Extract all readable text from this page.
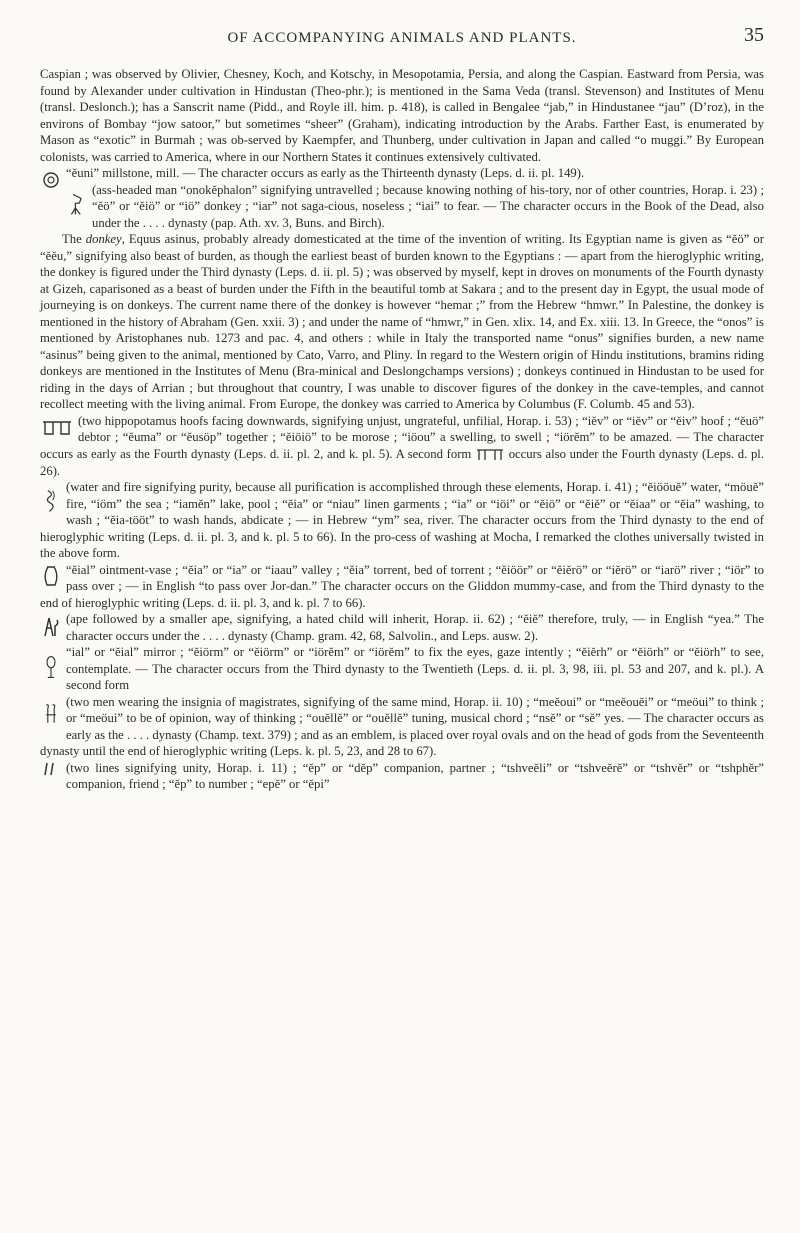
OF ACCOMPANYING ANIMALS AND PLANTS.	35

Caspian ; was observed by Olivier, Chesney, Koch, and Kotschy, in Mesopotamia, Persia, and along the Caspian. Eastward from Persia, was found by Alexander under cultivation in Hindustan (Theo-phr.); is mentioned in the Sama Veda (transl. Stevenson) and Institutes of Menu (transl. Deslonch.); has a Sanscrit name (Pidd., and Royle ill. him. p. 418), is called in Bengalee “jab,” in Hindustanee “jau” (D’roz), in the environs of Bombay “jow satoor,” but sometimes “sheer” (Graham), indicating introduction by the Arabs. Farther East, is enumerated by Mason as “exotic” in Burmah ; was ob-served by Kaempfer, and Thunberg, under cultivation in Japan and called “o muggi.” By European colonists, was carried to America, where in our Northern States it continues extensively cultivated.

“ěuni” millstone, mill. — The character occurs as early as the Thirteenth dynasty (Leps. d. ii. pl. 149).

(ass-headed man “onokěphalon” signifying untravelled ; because knowing nothing of his-tory, nor of other countries, Horap. i. 23) ; “ěö” or “ěiö” or “iö” donkey ; “iar” not saga-cious, noseless ; “iai” to fear. — The character occurs in the Book of the Dead, also under the . . . . dynasty (pap. Ath. xv. 3, Buns. and Birch).

The donkey, Equus asinus, probably already domesticated at the time of the invention of writing. Its Egyptian name is given as “ěö” or “ěěu,” signifying also beast of burden, as though the earliest beast of burden known to the Egyptians : — apart from the hieroglyphic writing, the donkey is figured under the Third dynasty (Leps. d. ii. pl. 5) ; was observed by myself, kept in droves on monuments of the Fourth dynasty at Gizeh, caparisoned as a beast of burden under the Fifth in the beautiful tomb at Sakara ; and to the present day in Egypt, the usual mode of journeying is on donkeys. The current name there of the donkey is however “hemar ;” from the Hebrew “hmwr.” In Palestine, the donkey is mentioned in the history of Abraham (Gen. xxii. 3) ; and under the name of “hmwr,” in Gen. xlix. 14, and Ex. xiii. 13. In Greece, the “onos” is mentioned by Aristophanes nub. 1273 and pac. 4, and others : while in Italy the transported name “onus” signifies burden, a new name “asinus” being given to the animal, mentioned by Cato, Varro, and Pliny. In regard to the Western origin of Hindu institutions, bramins riding donkeys are mentioned in the Institutes of Menu (Bra-minical and Deslongchamps versions) ; donkeys continued in Hindustan to be used for riding in the days of Arrian ; but throughout that country, I was unable to discover figures of the donkey in the cave-temples, and cannot recollect meeting with the living animal. From Europe, the donkey was carried to America by Columbus (F. Columb. 45 and 53).

(two hippopotamus hoofs facing downwards, signifying unjust, ungrateful, unfilial, Horap. i. 53) ; “iěv” or “iěv” or “ěiv” hoof ; “ěuö” debtor ; “ěuma” or “ěusöp” together ; “ěiöiö” to be morose ; “iöou” a swelling, to swell ; “iörěm” to be amazed. — The character occurs as early as the Fourth dynasty (Leps. d. ii. pl. 2, and k. pl. 5). A second form	occurs also under the Fourth dynasty (Leps. d. pl. 26).

(water and fire signifying purity, because all purification is accomplished through these elements, Horap. i. 41) ; “ěiööuě” water, “möuě” fire, “iöm” the sea ; “iaměn” lake, pool ; “ěia” or “niau” linen garments ; “ia” or “iöi” or “ěiö” or “ěiě” or “ěiaa” or “ěia” washing, to wash ; “ěia-tööt” to wash hands, abdicate ; — in Hebrew “ym” sea, river. The character occurs from the Third dynasty to the end of hieroglyphic writing (Leps. d. ii. pl. 3, and k. pl. 5 to 66). In the pro-cess of washing at Mocha, I remarked the clothes universally twisted in the above form.

“ěial” ointment-vase ; “ěia” or “ia” or “iaau” valley ; “ěia” torrent, bed of torrent ; “ěiöör” or “ěiěrö” or “iěrö” or “iarö” river ; “iör” to pass over ; — in English “to pass over Jor-dan.” The character occurs on the Gliddon mummy-case, and from the Third dynasty to the end of hieroglyphic writing (Leps. d. ii. pl. 3, and k. pl. 7 to 66).

(ape followed by a smaller ape, signifying, a hated child will inherit, Horap. ii. 62) ; “ěiě” therefore, truly, — in English “yea.” The character occurs under the . . . . dynasty (Champ. gram. 42, 68, Salvolin., and Leps. ausw. 2).

“ial” or “ěial” mirror ; “ěiörm” or “ěiörm” or “iörěm” or “iörěm” to fix the eyes, gaze intently ; “ěiěrh” or “ěiörh” or “ěiörh” to see, contemplate. — The character occurs from the Third dynasty to the Twentieth (Leps. d. ii. pl. 3, 98, iii. pl. 53 and 207, and k. pl.). A second form

(two men wearing the insignia of magistrates, signifying of the same mind, Horap. ii. 10) ; “meěoui” or “meěouěi” or “meöui” to think ; or “meöui” to be of opinion, way of thinking ; “ouěllě” or “ouěllě” tuning, musical chord ; “nsě” or “sě” yes. — The character occurs as early as the . . . . dynasty (Champ. text. 379) ; and as an emblem, is placed over royal ovals and on the head of gods from the Seventeenth dynasty until the end of hieroglyphic writing (Leps. k. pl. 5, 23, and 28 to 67).

(two lines signifying unity, Horap. i. 11) ; “ěp” or “děp” companion, partner ; “tshveěli” or “tshveěrě” or “tshvěr” or “tshphěr” companion, friend ; “ěp” to number ; “epě” or “ěpi”
